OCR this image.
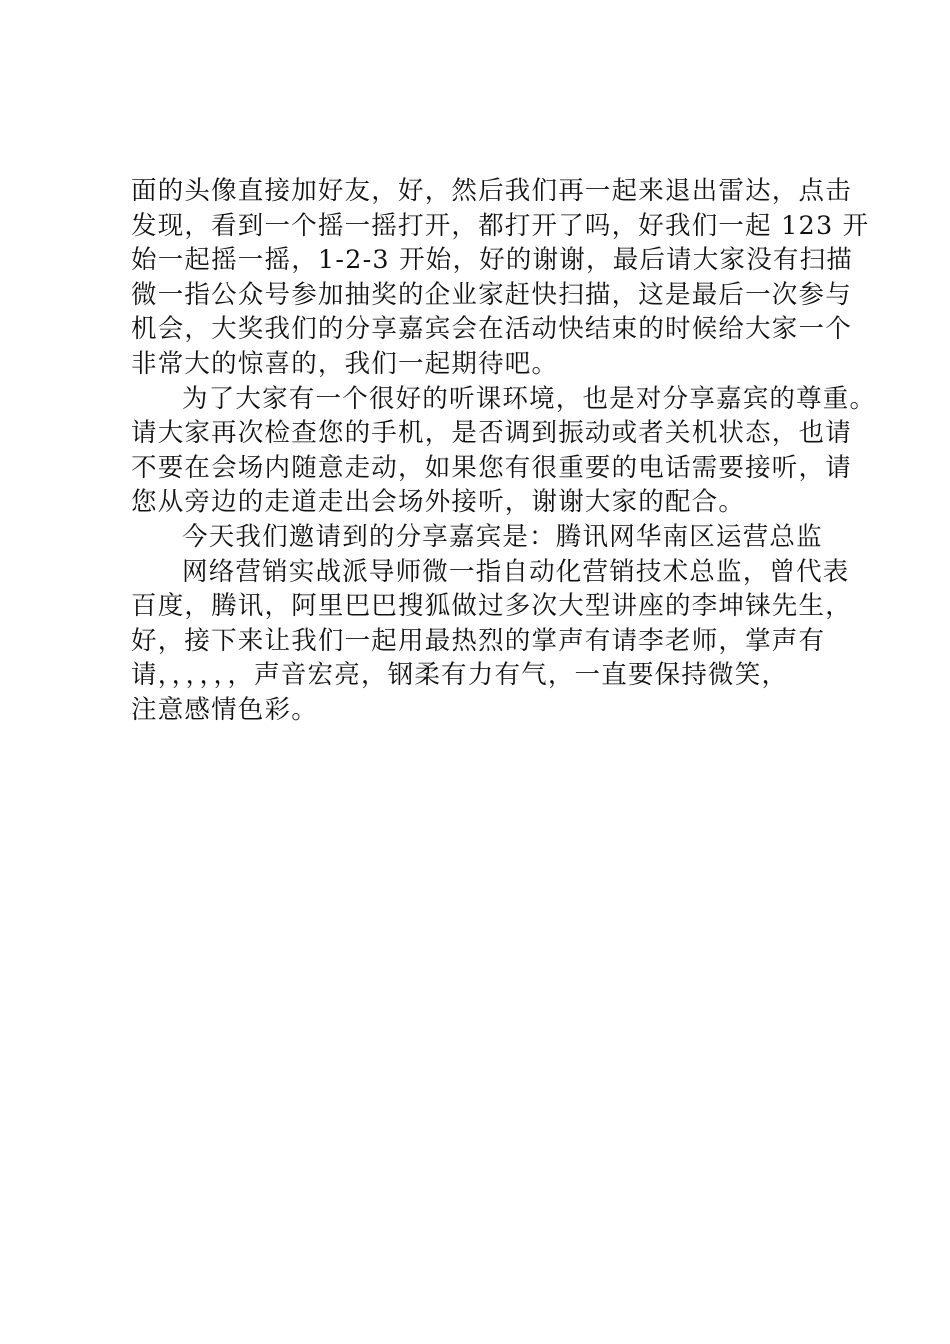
面的头像直接加好友，好，然后我们再一起来退出雷达，点击
发现，看到一个摇一摇打开，都打开了吗，好我们一起 123 开
始一起摇一摇，1-2-3 开始，好的谢谢，最后请大家没有扫描
微一指公众号参加抽奖的企业家赶快扫描，这是最后一次参与
机会，大奖我们的分享嘉宾会在活动快结束的时候给大家一个
非常大的惊喜的，我们一起期待吧。

为了大家有一个很好的听课环境，也是对分享嘉宾的尊重。
请大家再次检查您的手机，是否调到振动或者关机状态，也请
不要在会场内随意走动，如果您有很重要的电话需要接听，请
您从旁边的走道走出会场外接听，谢谢大家的配合。

今天我们邀请到的分享嘉宾是：腾讯网华南区运营总监

网络营销实战派导师微一指自动化营销技术总监，曾代表
百度，腾讯，阿里巴巴搜狐做过多次大型讲座的李坤铼先生，
好，接下来让我们一起用最热烈的掌声有请李老师，掌声有
请，，，，，，声音宏亮，钢柔有力有气，一直要保持微笑，
注意感情色彩。
